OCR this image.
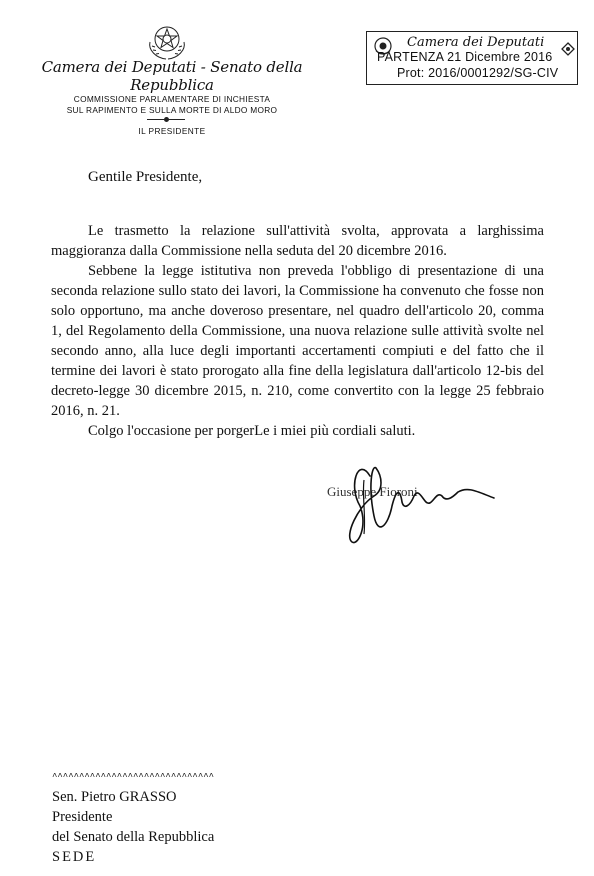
Camera dei Deputati - Senato della Repubblica
COMMISSIONE PARLAMENTARE DI INCHIESTA
SUL RAPIMENTO E SULLA MORTE DI ALDO MORO
IL PRESIDENTE
Camera dei Deputati
PARTENZA 21 Dicembre 2016
Prot: 2016/0001292/SG-CIV
Gentile Presidente,

Le trasmetto la relazione sull'attività svolta, approvata a larghissima maggioranza dalla Commissione nella seduta del 20 dicembre 2016.

Sebbene la legge istitutiva non preveda l'obbligo di presentazione di una seconda relazione sullo stato dei lavori, la Commissione ha convenuto che fosse non solo opportuno, ma anche doveroso presentare, nel quadro dell'articolo 20, comma 1, del Regolamento della Commissione, una nuova relazione sulle attività svolte nel secondo anno, alla luce degli importanti accertamenti compiuti e del fatto che il termine dei lavori è stato prorogato alla fine della legislatura dall'articolo 12-bis del decreto-legge 30 dicembre 2015, n. 210, come convertito con la legge 25 febbraio 2016, n. 21.

Colgo l'occasione per porgerLe i miei più cordiali saluti.

Giuseppe Fioroni
^^^^^^^^^^^^^^^^^^^^^^^^^^^^^^
Sen. Pietro GRASSO
Presidente
del Senato della Repubblica
SEDE
